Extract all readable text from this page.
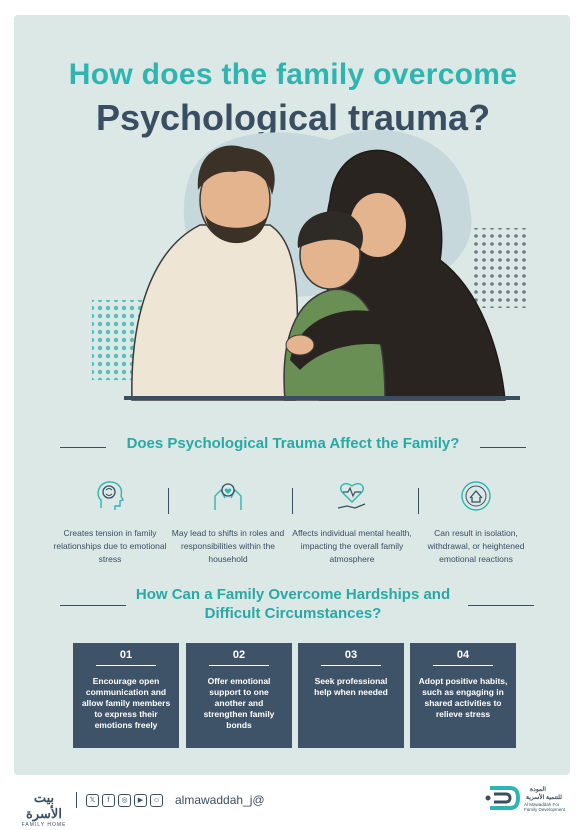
How does the family overcome
Psychological trauma?
Does Psychological Trauma Affect the Family?
Creates tension in family relationships due to emotional stress
May lead to shifts in roles and responsibilities within the household
Affects individual mental health, impacting the overall family atmosphere
Can result in isolation, withdrawal, or heightened emotional reactions
How Can a Family Overcome Hardships and
Difficult Circumstances?
01
Encourage open communication and allow family members to express their emotions freely
02
Offer emotional support to one another and strengthen family bonds
03
Seek professional help when needed
04
Adopt positive habits, such as engaging in shared activities to relieve stress
بيت الأسرة
FAMILY HOME
𝕏	f	◎	▶	☺ almawaddah_j@
المودة
للتنمية الأسرية
Al Mawaddah For Family Development
